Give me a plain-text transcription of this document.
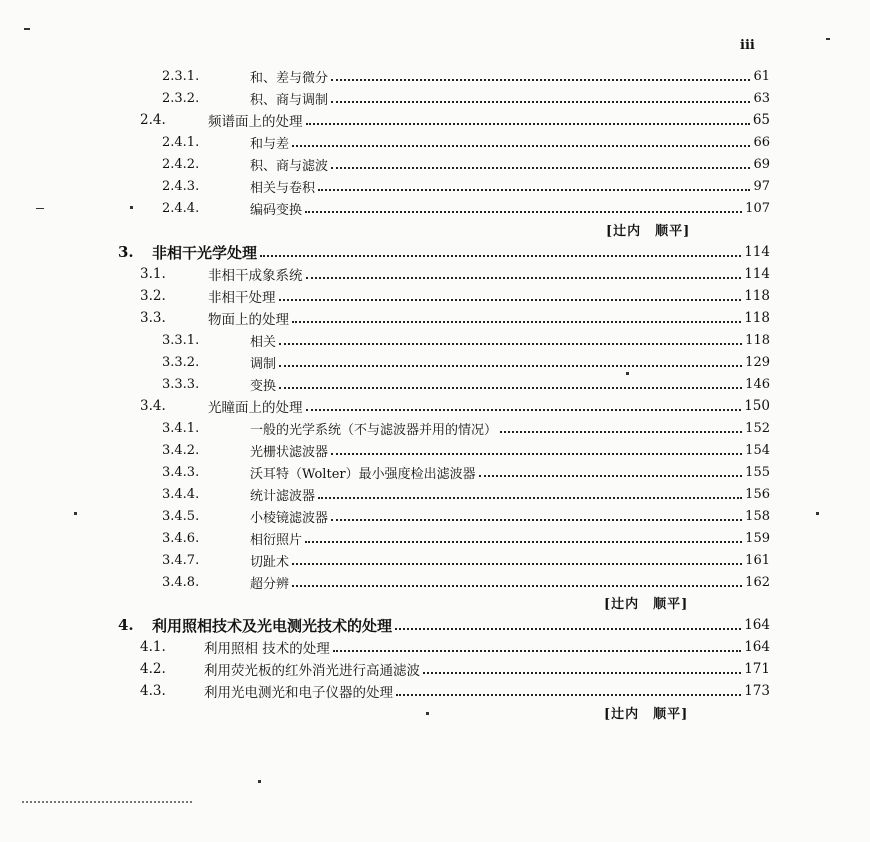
iii
2.3.1.	和、差与微分	61
2.3.2.	积、商与调制	63
2.4.	频谱面上的处理	65
2.4.1.	和与差	66
2.4.2.	积、商与滤波	69
2.4.3.	相关与卷积	97
2.4.4.	编码变换	107
[辻内　顺平]
3.	非相干光学处理	114
3.1.	非相干成象系统	114
3.2.	非相干处理	118
3.3.	物面上的处理	118
3.3.1.	相关	118
3.3.2.	调制	129
3.3.3.	变换	146
3.4.	光瞳面上的处理	150
3.4.1.	一般的光学系统（不与滤波器并用的情况）	152
3.4.2.	光栅状滤波器	154
3.4.3.	沃耳特（Wolter）最小强度检出滤波器	155
3.4.4.	统计滤波器	156
3.4.5.	小棱镜滤波器	158
3.4.6.	相衍照片	159
3.4.7.	切趾术	161
3.4.8.	超分辨	162
[辻内　顺平]
4.	利用照相技术及光电测光技术的处理	164
4.1.	利用照相 技术的处理	164
4.2.	利用荧光板的红外消光进行高通滤波	171
4.3.	利用光电测光和电子仪器的处理	173
[辻内　顺平]
